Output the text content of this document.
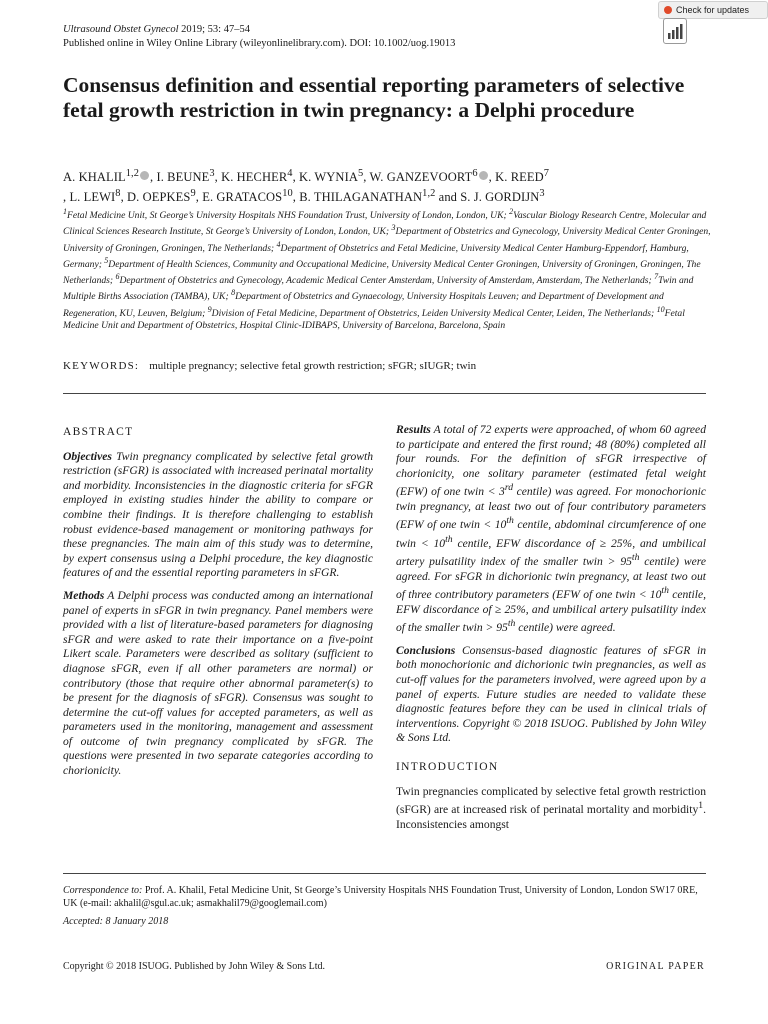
Ultrasound Obstet Gynecol 2019; 53: 47–54
Published online in Wiley Online Library (wileyonlinelibrary.com). DOI: 10.1002/uog.19013
Check for updates
Consensus definition and essential reporting parameters of selective fetal growth restriction in twin pregnancy: a Delphi procedure
A. KHALIL$^{1,2}$ , I. BEUNE$^3$, K. HECHER$^4$, K. WYNIA$^5$, W. GANZEVOORT$^6$ , K. REED$^7$
, L. LEWI$^8$, D. OEPKES$^9$, E. GRATACOS$^{10}$, B. THILAGANATHAN$^{1,2}$ and S. J. GORDIJN$^3$
$^1$Fetal Medicine Unit, St George’s University Hospitals NHS Foundation Trust, University of London, London, UK; $^2$Vascular Biology Research Centre, Molecular and Clinical Sciences Research Institute, St George’s University of London, London, UK; $^3$Department of Obstetrics and Gynecology, University Medical Center Groningen, University of Groningen, Groningen, The Netherlands; $^4$Department of Obstetrics and Fetal Medicine, University Medical Center Hamburg-Eppendorf, Hamburg, Germany; $^5$Department of Health Sciences, Community and Occupational Medicine, University Medical Center Groningen, University of Groningen, Groningen, The Netherlands; $^6$Department of Obstetrics and Gynecology, Academic Medical Center Amsterdam, University of Amsterdam, Amsterdam, The Netherlands; $^7$Twin and Multiple Births Association (TAMBA), UK; $^8$Department of Obstetrics and Gynaecology, University Hospitals Leuven; and Department of Development and Regeneration, KU, Leuven, Belgium; $^9$Division of Fetal Medicine, Department of Obstetrics, Leiden University Medical Center, Leiden, The Netherlands; $^{10}$Fetal Medicine Unit and Department of Obstetrics, Hospital Clinic-IDIBAPS, University of Barcelona, Barcelona, Spain
KEYWORDS: multiple pregnancy; selective fetal growth restriction; sFGR; sIUGR; twin
ABSTRACT

Objectives Twin pregnancy complicated by selective fetal growth restriction (sFGR) is associated with increased perinatal mortality and morbidity. Inconsistencies in the diagnostic criteria for sFGR employed in existing studies hinder the ability to compare or combine their findings. It is therefore challenging to establish robust evidence-based management or monitoring pathways for these pregnancies. The main aim of this study was to determine, by expert consensus using a Delphi procedure, the key diagnostic features of and the essential reporting parameters in sFGR.

Methods A Delphi process was conducted among an international panel of experts in sFGR in twin pregnancy. Panel members were provided with a list of literature-based parameters for diagnosing sFGR and were asked to rate their importance on a five-point Likert scale. Parameters were described as solitary (sufficient to diagnose sFGR, even if all other parameters are normal) or contributory (those that require other abnormal parameter(s) to be present for the diagnosis of sFGR). Consensus was sought to determine the cut-off values for accepted parameters, as well as parameters used in the monitoring, management and assessment of outcome of twin pregnancy complicated by sFGR. The questions were presented in two separate categories according to chorionicity.

Results A total of 72 experts were approached, of whom 60 agreed to participate and entered the first round; 48 (80%) completed all four rounds. For the definition of sFGR irrespective of chorionicity, one solitary parameter (estimated fetal weight (EFW) of one twin < 3rd centile) was agreed. For monochorionic twin pregnancy, at least two out of four contributory parameters (EFW of one twin < 10th centile, abdominal circumference of one twin < 10th centile, EFW discordance of ≥ 25%, and umbilical artery pulsatility index of the smaller twin > 95th centile) were agreed. For sFGR in dichorionic twin pregnancy, at least two out of three contributory parameters (EFW of one twin < 10th centile, EFW discordance of ≥ 25%, and umbilical artery pulsatility index of the smaller twin > 95th centile) were agreed.

Conclusions Consensus-based diagnostic features of sFGR in both monochorionic and dichorionic twin pregnancies, as well as cut-off values for the parameters involved, were agreed upon by a panel of experts. Future studies are needed to validate these diagnostic features before they can be used in clinical trials of interventions. Copyright © 2018 ISUOG. Published by John Wiley & Sons Ltd.

INTRODUCTION

Twin pregnancies complicated by selective fetal growth restriction (sFGR) are at increased risk of perinatal mortality and morbidity$^1$. Inconsistencies amongst

Correspondence to: Prof. A. Khalil, Fetal Medicine Unit, St George’s University Hospitals NHS Foundation Trust, University of London, London SW17 0RE, UK (e-mail: akhalil@sgul.ac.uk; asmakhalil79@googlemail.com)

Accepted: 8 January 2018

Copyright © 2018 ISUOG. Published by John Wiley & Sons Ltd.	ORIGINAL PAPER
